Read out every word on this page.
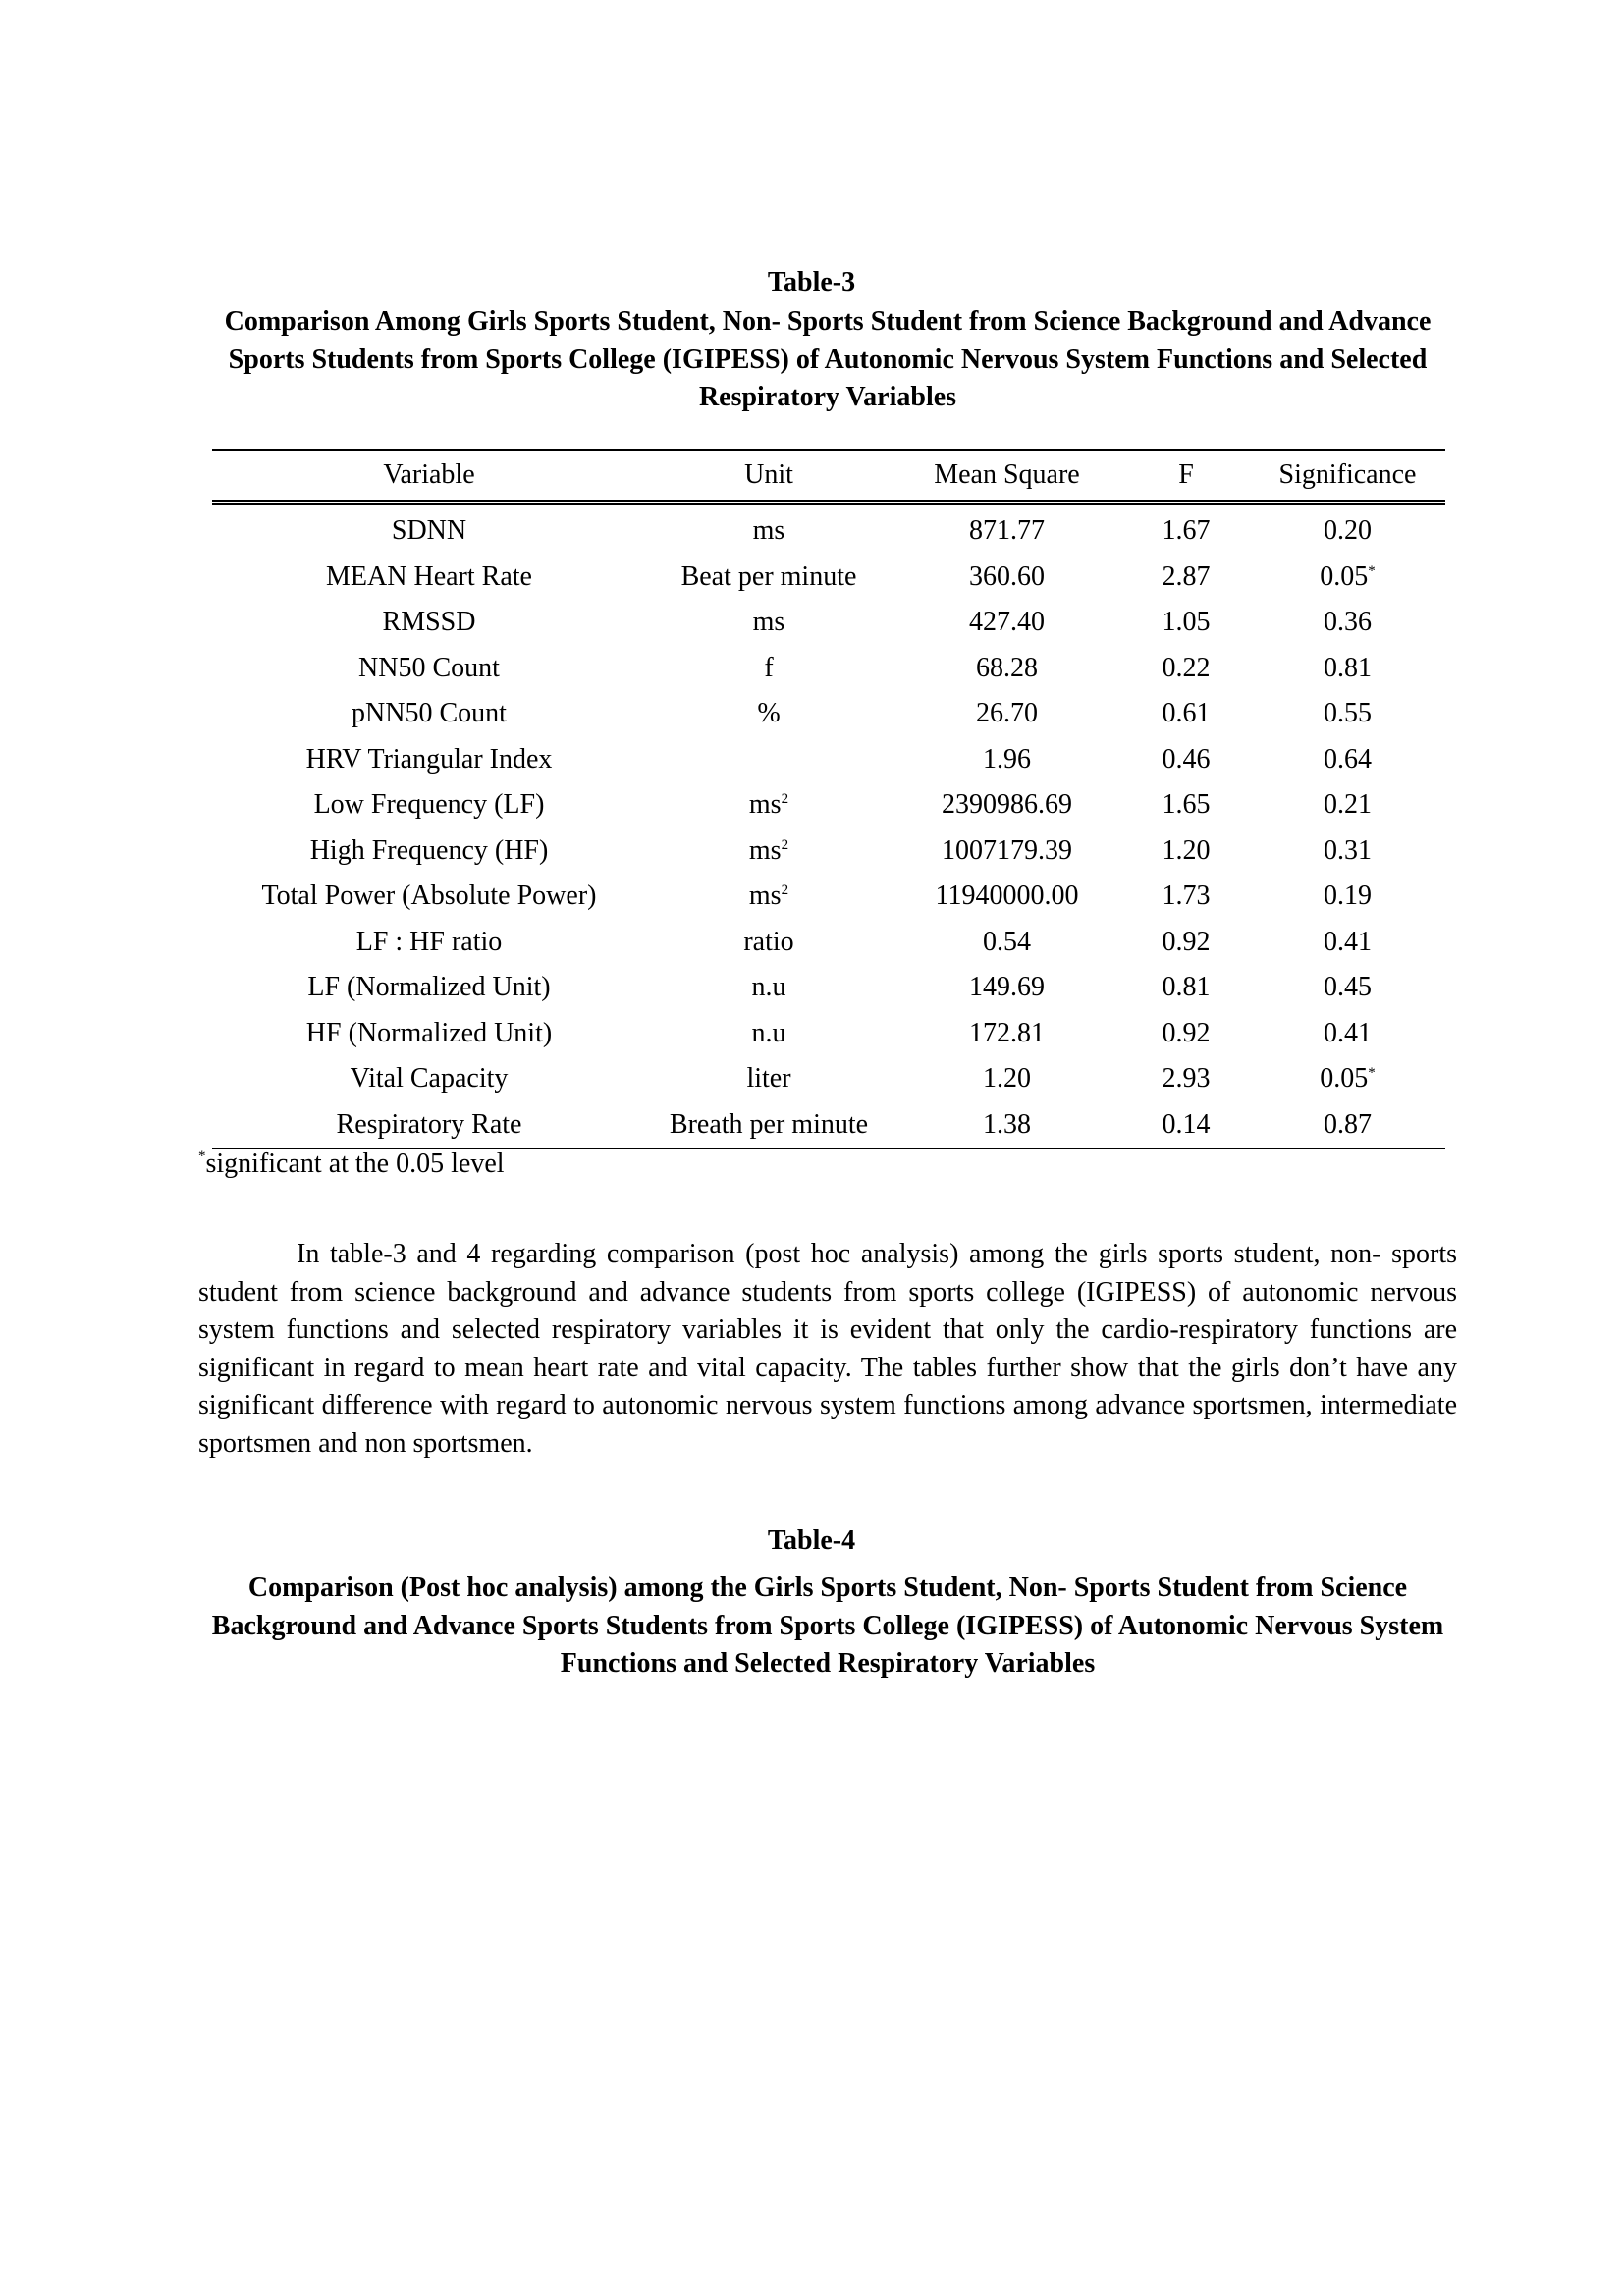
Table-3
Comparison Among Girls Sports Student, Non- Sports Student from Science Background and Advance Sports Students from Sports College (IGIPESS) of Autonomic Nervous System Functions and Selected Respiratory Variables
Variable	Unit	Mean Square	F	Significance
SDNN	ms	871.77	1.67	0.20
MEAN Heart Rate	Beat per minute	360.60	2.87	0.05*
RMSSD	ms	427.40	1.05	0.36
NN50 Count	f	68.28	0.22	0.81
pNN50 Count	%	26.70	0.61	0.55
HRV Triangular Index		1.96	0.46	0.64
Low Frequency (LF)	$ms^2$	2390986.69	1.65	0.21
High Frequency (HF)	$ms^2$	1007179.39	1.20	0.31
Total Power (Absolute Power)	$ms^2$	11940000.00	1.73	0.19
LF : HF ratio	ratio	0.54	0.92	0.41
LF (Normalized Unit)	n.u	149.69	0.81	0.45
HF (Normalized Unit)	n.u	172.81	0.92	0.41
Vital Capacity	liter	1.20	2.93	0.05*
Respiratory Rate	Breath per minute	1.38	0.14	0.87
*significant at the 0.05 level

In table-3 and 4 regarding comparison (post hoc analysis) among the girls sports student, non- sports student from science background and advance students from sports college (IGIPESS) of autonomic nervous system functions and selected respiratory variables it is evident that only the cardio-respiratory functions are significant in regard to mean heart rate and vital capacity. The tables further show that the girls don’t have any significant difference with regard to autonomic nervous system functions among advance sportsmen, intermediate sportsmen and non sportsmen.

Table-4
Comparison (Post hoc analysis) among the Girls Sports Student, Non- Sports Student from Science Background and Advance Sports Students from Sports College (IGIPESS) of Autonomic Nervous System Functions and Selected Respiratory Variables
